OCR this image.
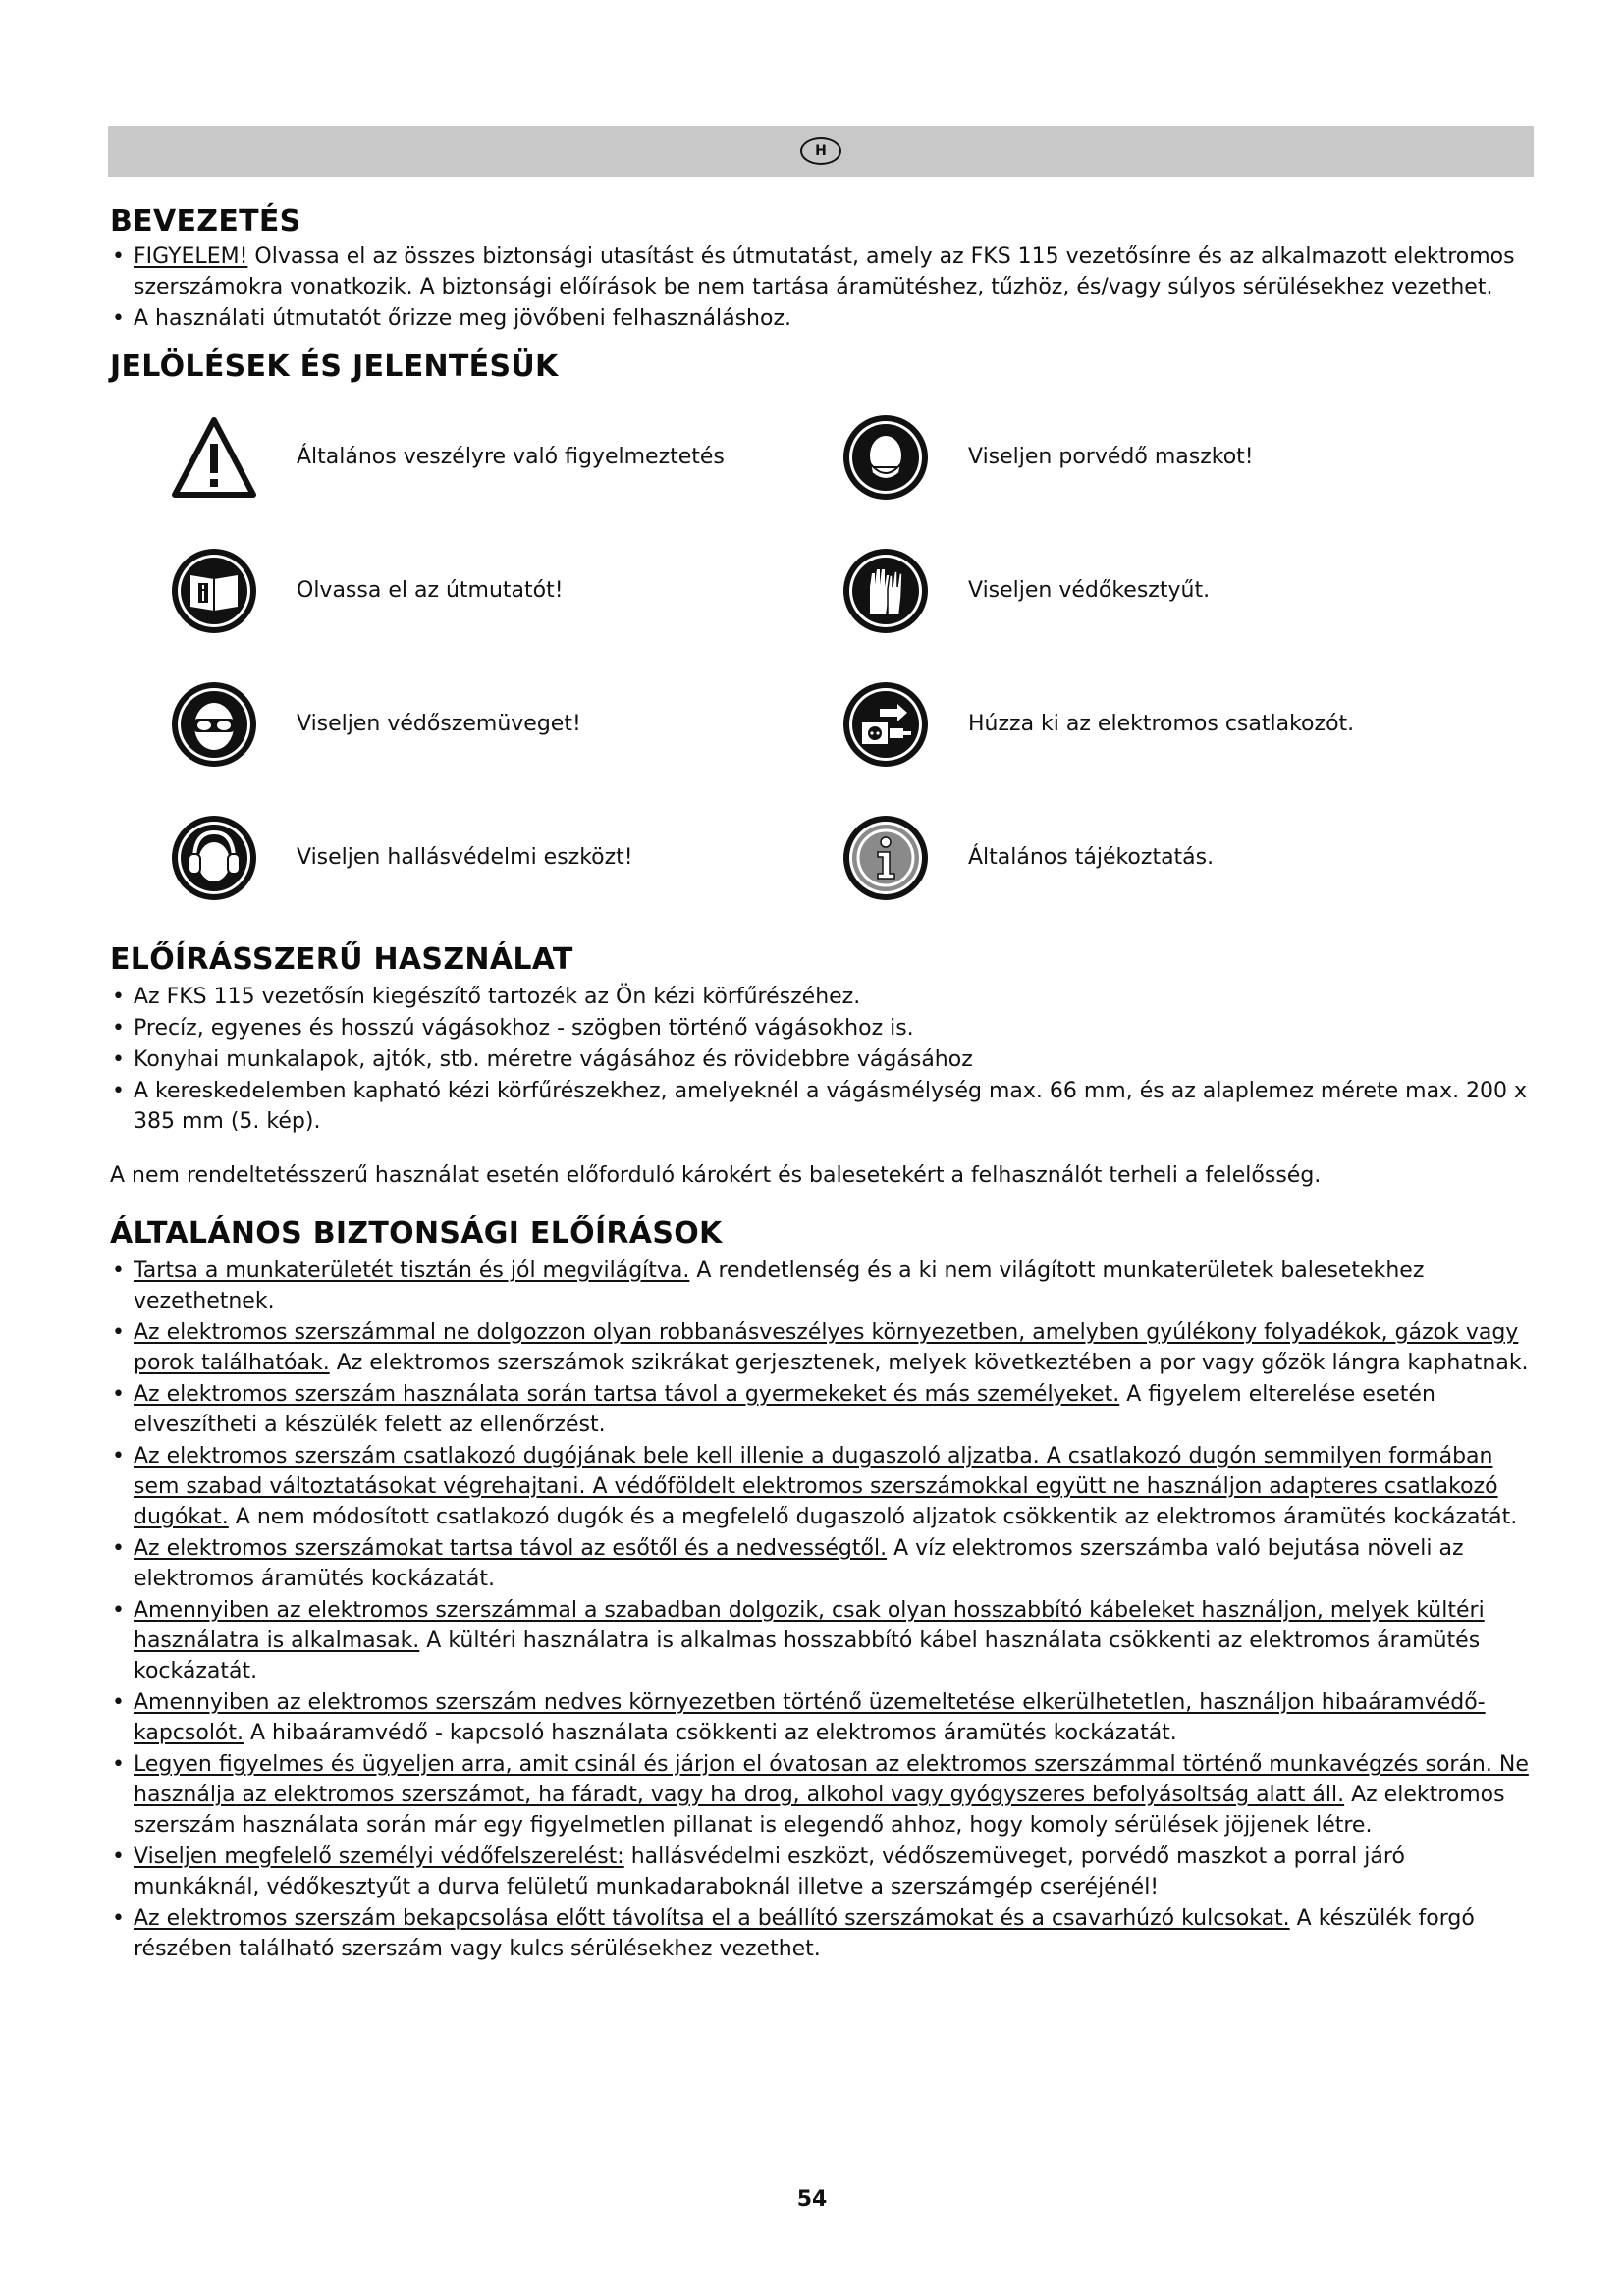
H
BEVEZETÉS
• FIGYELEM! Olvassa el az összes biztonsági utasítást és útmutatást, amely az FKS 115 vezetősínre és az alkalmazott elektromos szerszámokra vonatkozik. A biztonsági előírások be nem tartása áramütéshez, tűzhöz, és/vagy súlyos sérülésekhez vezethet.
• A használati útmutatót őrizze meg jövőbeni felhasználáshoz.
JELÖLÉSEK ÉS JELENTÉSÜK
Általános veszélyre való figyelmeztetés	Viseljen porvédő maszkot!
Olvassa el az útmutatót!	Viseljen védőkesztyűt.
Viseljen védőszemüveget!	Húzza ki az elektromos csatlakozót.
Viseljen hallásvédelmi eszközt!	Általános tájékoztatás.
ELŐÍRÁSSZERŰ HASZNÁLAT
• Az FKS 115 vezetősín kiegészítő tartozék az Ön kézi körfűrészéhez.
• Precíz, egyenes és hosszú vágásokhoz - szögben történő vágásokhoz is.
• Konyhai munkalapok, ajtók, stb. méretre vágásához és rövidebbre vágásához
• A kereskedelemben kapható kézi körfűrészekhez, amelyeknél a vágásmélység max. 66 mm, és az alaplemez mérete max. 200 x 385 mm (5. kép).

A nem rendeltetésszerű használat esetén előforduló károkért és balesetekért a felhasználót terheli a felelősség.

ÁLTALÁNOS BIZTONSÁGI ELŐÍRÁSOK
• Tartsa a munkaterületét tisztán és jól megvilágítva. A rendetlenség és a ki nem világított munkaterületek balesetekhez vezethetnek.
• Az elektromos szerszámmal ne dolgozzon olyan robbanásveszélyes környezetben, amelyben gyúlékony folyadékok, gázok vagy porok találhatóak. Az elektromos szerszámok szikrákat gerjesztenek, melyek következtében a por vagy gőzök lángra kaphatnak.
• Az elektromos szerszám használata során tartsa távol a gyermekeket és más személyeket. A figyelem elterelése esetén elveszítheti a készülék felett az ellenőrzést.
• Az elektromos szerszám csatlakozó dugójának bele kell illenie a dugaszoló aljzatba. A csatlakozó dugón semmilyen formában sem szabad változtatásokat végrehajtani. A védőföldelt elektromos szerszámokkal együtt ne használjon adapteres csatlakozó dugókat. A nem módosított csatlakozó dugók és a megfelelő dugaszoló aljzatok csökkentik az elektromos áramütés kockázatát.
• Az elektromos szerszámokat tartsa távol az esőtől és a nedvességtől. A víz elektromos szerszámba való bejutása növeli az elektromos áramütés kockázatát.
• Amennyiben az elektromos szerszámmal a szabadban dolgozik, csak olyan hosszabbító kábeleket használjon, melyek kültéri használatra is alkalmasak. A kültéri használatra is alkalmas hosszabbító kábel használata csökkenti az elektromos áramütés kockázatát.
• Amennyiben az elektromos szerszám nedves környezetben történő üzemeltetése elkerülhetetlen, használjon hibaáramvédő- kapcsolót. A hibaáramvédő - kapcsoló használata csökkenti az elektromos áramütés kockázatát.
• Legyen figyelmes és ügyeljen arra, amit csinál és járjon el óvatosan az elektromos szerszámmal történő munkavégzés során. Ne használja az elektromos szerszámot, ha fáradt, vagy ha drog, alkohol vagy gyógyszeres befolyásoltság alatt áll. Az elektromos szerszám használata során már egy figyelmetlen pillanat is elegendő ahhoz, hogy komoly sérülések jöjjenek létre.
• Viseljen megfelelő személyi védőfelszerelést: hallásvédelmi eszközt, védőszemüveget, porvédő maszkot a porral járó munkáknál, védőkesztyűt a durva felületű munkadaraboknál illetve a szerszámgép cseréjénél!
• Az elektromos szerszám bekapcsolása előtt távolítsa el a beállító szerszámokat és a csavarhúzó kulcsokat. A készülék forgó részében található szerszám vagy kulcs sérülésekhez vezethet.
54
